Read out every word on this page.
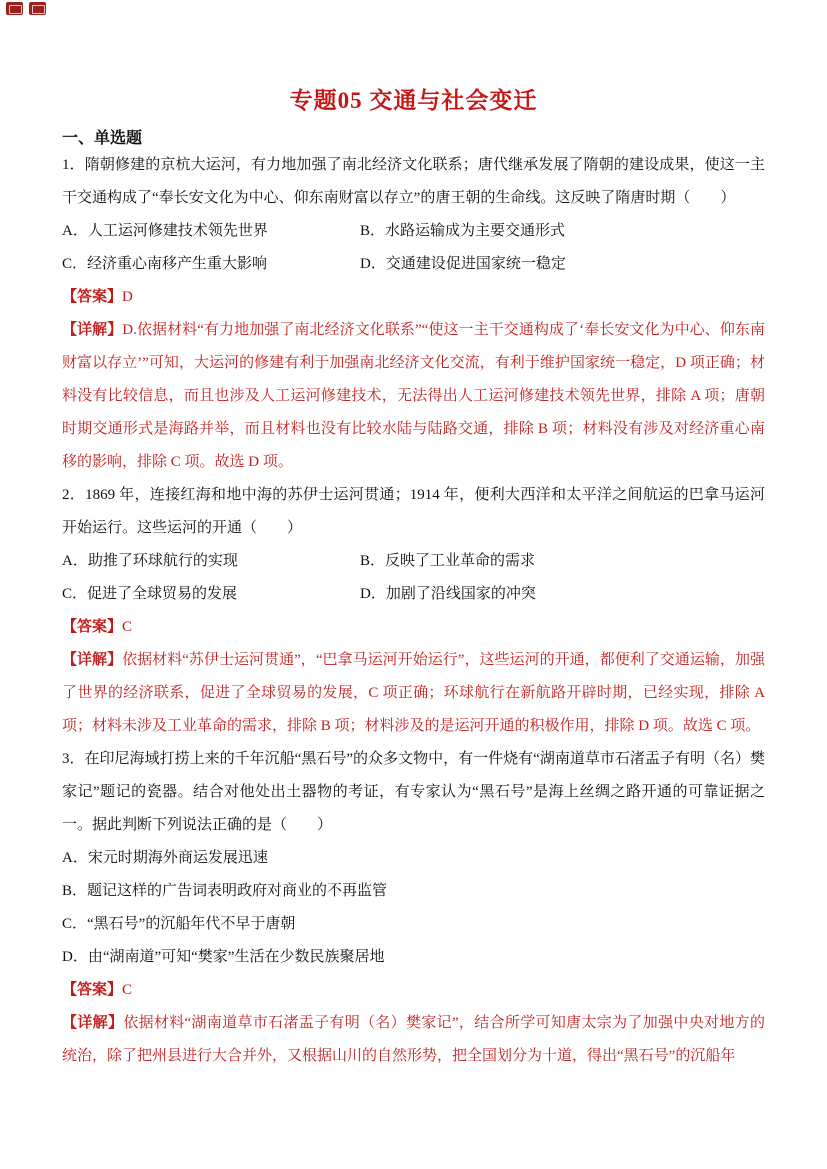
专题05 交通与社会变迁
一、单选题

1．隋朝修建的京杭大运河，有力地加强了南北经济文化联系；唐代继承发展了隋朝的建设成果，使这一主干交通构成了“奉长安文化为中心、仰东南财富以存立”的唐王朝的生命线。这反映了隋唐时期（　　）

A．人工运河修建技术领先世界	B．水路运输成为主要交通形式
C．经济重心南移产生重大影响	D．交通建设促进国家统一稳定

【答案】D

【详解】D.依据材料“有力地加强了南北经济文化联系”“使这一主干交通构成了‘奉长安文化为中心、仰东南财富以存立’”可知，大运河的修建有利于加强南北经济文化交流，有利于维护国家统一稳定，D 项正确；材料没有比较信息，而且也涉及人工运河修建技术，无法得出人工运河修建技术领先世界，排除 A 项；唐朝时期交通形式是海路并举，而且材料也没有比较水陆与陆路交通，排除 B 项；材料没有涉及对经济重心南移的影响，排除 C 项。故选 D 项。

2．1869 年，连接红海和地中海的苏伊士运河贯通；1914 年，便利大西洋和太平洋之间航运的巴拿马运河开始运行。这些运河的开通（　　）

A．助推了环球航行的实现	B．反映了工业革命的需求
C．促进了全球贸易的发展	D．加剧了沿线国家的冲突

【答案】C

【详解】依据材料“苏伊士运河贯通”，“巴拿马运河开始运行”，这些运河的开通，都便利了交通运输，加强了世界的经济联系，促进了全球贸易的发展，C 项正确；环球航行在新航路开辟时期，已经实现，排除 A 项；材料未涉及工业革命的需求，排除 B 项；材料涉及的是运河开通的积极作用，排除 D 项。故选 C 项。

3．在印尼海域打捞上来的千年沉船“黑石号”的众多文物中，有一件烧有“湖南道草市石渚盂子有明（名）樊家记”题记的瓷器。结合对他处出土器物的考证，有专家认为“黑石号”是海上丝绸之路开通的可靠证据之一。据此判断下列说法正确的是（　　）

A．宋元时期海外商运发展迅速
B．题记这样的广告词表明政府对商业的不再监管
C．“黑石号”的沉船年代不早于唐朝
D．由“湖南道”可知“樊家”生活在少数民族聚居地

【答案】C

【详解】依据材料“湖南道草市石渚盂子有明（名）樊家记”，结合所学可知唐太宗为了加强中央对地方的统治，除了把州县进行大合并外，又根据山川的自然形势，把全国划分为十道，得出“黑石号”的沉船年
